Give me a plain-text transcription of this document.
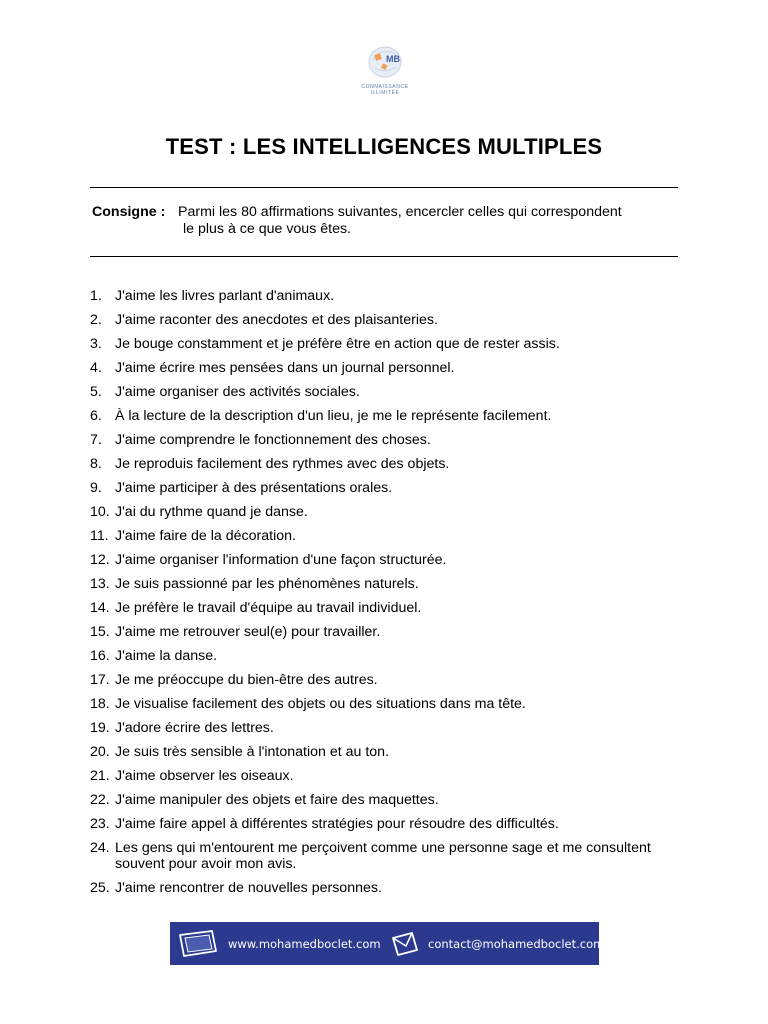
MB
CONNAISSANCE
ILLIMITÉE
TEST : LES INTELLIGENCES MULTIPLES
Consigne : Parmi les 80 affirmations suivantes, encercler celles qui correspondent
le plus à ce que vous êtes.
1. J'aime les livres parlant d'animaux.
2. J'aime raconter des anecdotes et des plaisanteries.
3. Je bouge constamment et je préfère être en action que de rester assis.
4. J'aime écrire mes pensées dans un journal personnel.
5. J'aime organiser des activités sociales.
6. À la lecture de la description d'un lieu, je me le représente facilement.
7. J'aime comprendre le fonctionnement des choses.
8. Je reproduis facilement des rythmes avec des objets.
9. J'aime participer à des présentations orales.
10. J'ai du rythme quand je danse.
11. J'aime faire de la décoration.
12. J'aime organiser l'information d'une façon structurée.
13. Je suis passionné par les phénomènes naturels.
14. Je préfère le travail d'équipe au travail individuel.
15. J'aime me retrouver seul(e) pour travailler.
16. J'aime la danse.
17. Je me préoccupe du bien-être des autres.
18. Je visualise facilement des objets ou des situations dans ma tête.
19. J'adore écrire des lettres.
20. Je suis très sensible à l'intonation et au ton.
21. J'aime observer les oiseaux.
22. J'aime manipuler des objets et faire des maquettes.
23. J'aime faire appel à différentes stratégies pour résoudre des difficultés.
24. Les gens qui m'entourent me perçoivent comme une personne sage et me consultent souvent pour avoir mon avis.
25. J'aime rencontrer de nouvelles personnes.
www.mohamedboclet.com	contact@mohamedboclet.com
